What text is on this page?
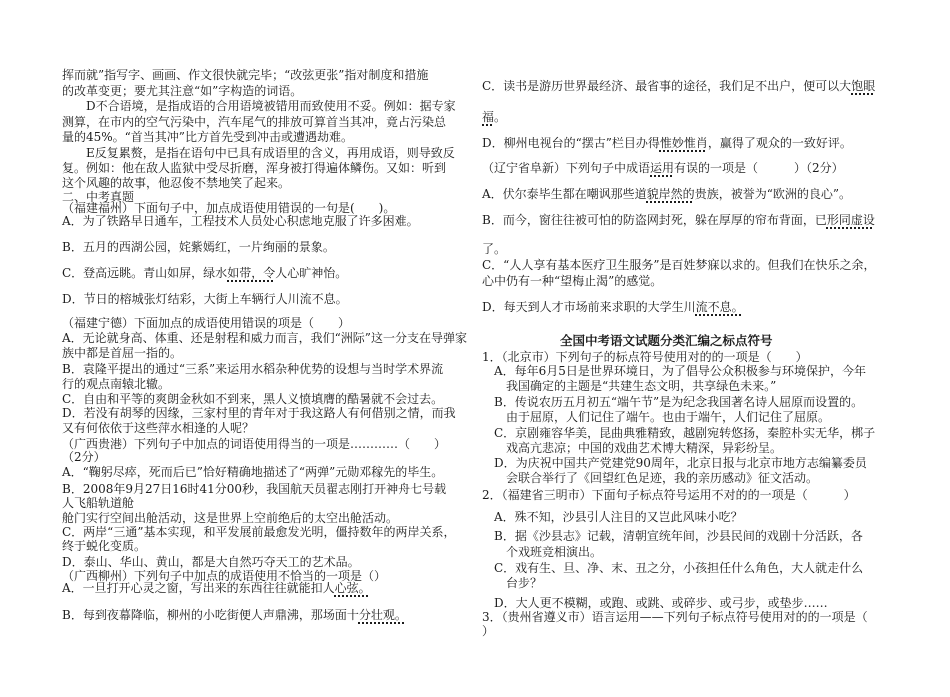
挥而就”指写字、画画、作文很快就完毕；“改弦更张”指对制度和措施
的改革变更；要尤其注意“如”字构造的词语。
　　D不合语境，是指成语的合用语境被错用而致使用不妥。例如：据专家
测算，在市内的空气污染中，汽车尾气的排放可算首当其冲，竟占污染总
量的45%。“首当其冲”比方首先受到冲击或遭遇劫难。
　　E反复累赘，是指在语句中已具有成语里的含义，再用成语，则导致反
复。例如：他在敌人监狱中受尽折磨，浑身被打得遍体鳞伤。又如：听到
这个风趣的故事，他忍俊不禁地笑了起来。
二、中考真题
（福建福州）下面句子中，加点成语使用错误的一句是(　　)。
A．为了铁路早日通车，工程技术人员处心积虑地克服了许多困难。
B．五月的西湖公园，姹紫嫣红，一片绚丽的景象。
C．登高远眺。青山如屏，绿水如带，令人心旷神怡。
D．节日的榕城张灯结彩，大街上车辆行人川流不息。
（福建宁德）下面加点的成语使用错误的项是（　　）
A．无论就身高、体重、还是射程和威力而言，我们“洲际”这一分支在导弹家
族中都是首屈一指的。
B．袁隆平提出的通过“三系”来运用水稻杂种优势的设想与当时学术界流
行的观点南辕北辙。
C．自由和平等的爽朗金秋如不到来，黑人义愤填膺的酷暑就不会过去。
D．若没有胡琴的因缘，三家村里的青年对于我这路人有何借别之情，而我
又有何依依于这些萍水相逢的人呢？
（广西贵港）下列句子中加点的词语使用得当的一项是…………（　　）
（2分）
A．“鞠躬尽瘁，死而后已”恰好精确地描述了“两弹”元勋邓稼先的毕生。
B．2008年9月27日16时41分00秒，我国航天员翟志刚打开神舟七号载
人飞船轨道舱
舱门实行空间出舱活动，这是世界上空前绝后的太空出舱活动。
C．两岸“三通”基本实现，和平发展前最愈发光明，僵持数年的两岸关系，
终于蜕化变质。
D．泰山、华山、黄山，都是大自然巧夺天工的艺术品。
（广西柳州）下列句子中加点的成语使用不恰当的一项是（）
A．一旦打开心灵之窗，写出来的东西往往就能扣人心弦。
B．每到夜幕降临，柳州的小吃街便人声鼎沸，那场面十分壮观。
C．读书是游历世界最经济、最省事的途径，我们足不出户，便可以大饱眼
福。
D．柳州电视台的“摆古”栏目办得惟妙惟肖，赢得了观众的一致好评。
（辽宁省阜新）下列句子中成语运用有误的一项是（　　　）（2分）
A．伏尔泰毕生都在嘲讽那些道貌岸然的贵族，被誉为“欧洲的良心”。
B．而今，窗往往被可怕的防盗网封死，躲在厚厚的帘布背面，已形同虚设
了。
C．“人人享有基本医疗卫生服务”是百姓梦寐以求的。但我们在快乐之余，
心中仍有一种“望梅止渴”的感觉。
D．每天到人才市场前来求职的大学生川流不息。
全国中考语文试题分类汇编之标点符号
1．（北京市）下列句子的标点符号使用对的的一项是（　　）
　A．每年6月5日是世界环境日，为了倡导公众积极参与环境保护，今年
　　我国确定的主题是“共建生态文明，共享绿色未来。”
　B．传说农历五月初五“端午节”是为纪念我国著名诗人屈原而设置的。
　　由于屈原，人们记住了端午。也由于端午，人们记住了屈原。
　C．京剧雍容华美，昆曲典雅精致，越剧宛转悠扬，秦腔朴实无华，梆子
　　戏高亢悲凉；中国的戏曲艺术博大精深，异彩纷呈。
　D．为庆祝中国共产党建党90周年，北京日报与北京市地方志编纂委员
　　会联合举行了《回望红色足迹，我的亲历感动》征文活动。
2．（福建省三明市）下面句子标点符号运用不对的的一项是（　　　）
　A．殊不知，沙县引人注目的又岂此风味小吃？
　B．据《沙县志》记载，清朝宣统年间，沙县民间的戏剧十分活跃，各
　　个戏班竞相演出。
　C．戏有生、旦、净、末、丑之分，小孩担任什么角色，大人就走什么
　　台步？
　D．大人更不模糊，或跑、或跳、或碎步、或弓步，或垫步……
3．（贵州省遵义市）语言运用——下列句子标点符号使用对的的一项是（
）
